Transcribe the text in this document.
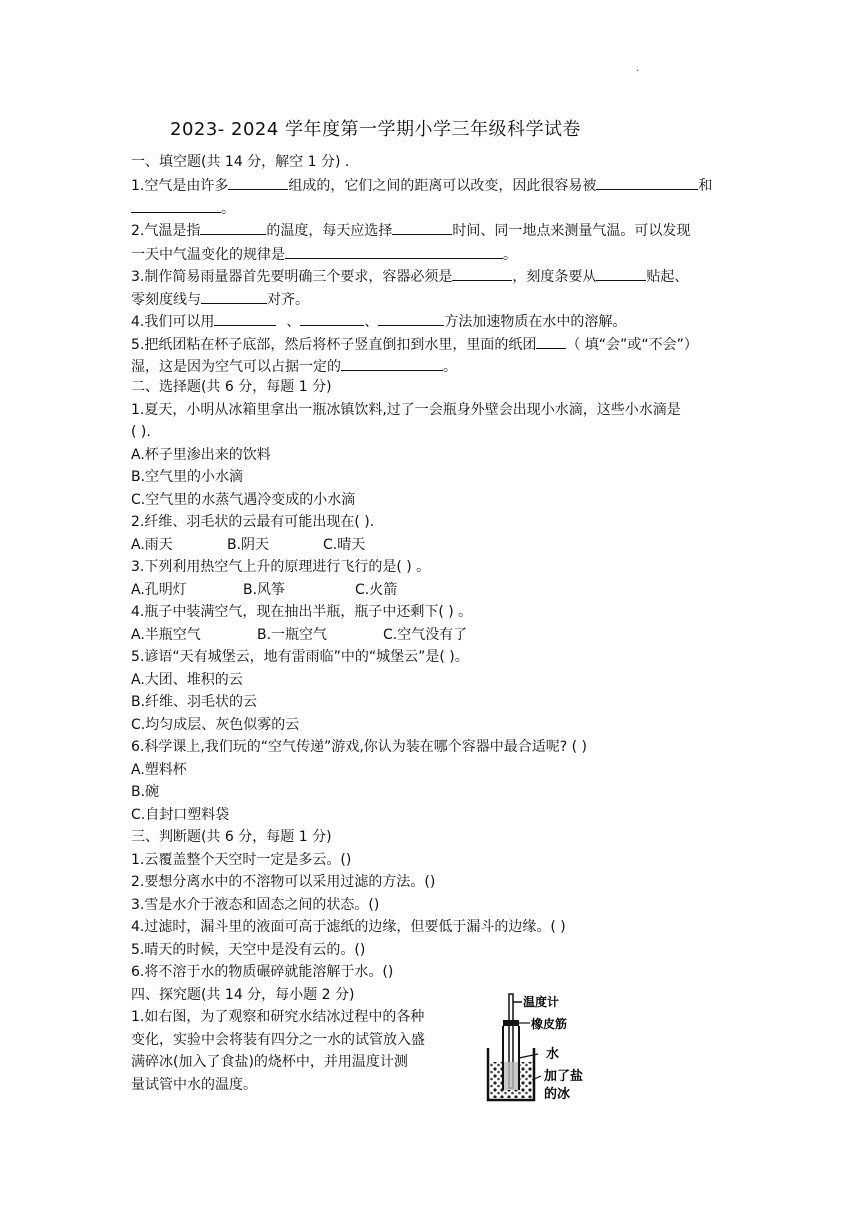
·
2023- 2024 学年度第一学期小学三年级科学试卷
一、填空题(共 14 分，解空 1 分) .
1.空气是由许多	组成的，它们之间的距离可以改变，因此很容易被	和
。
2.气温是指	的温度，每天应选择	时间、同一地点来测量气温。可以发现
一天中气温变化的规律是	。
3.制作简易雨量器首先要明确三个要求，容器必须是	，刻度条要从	贴起、
零刻度线与	对齐。
4.我们可以用	、	、	方法加速物质在水中的溶解。
5.把纸团粘在杯子底部，然后将杯子竖直倒扣到水里，里面的纸团 （ 填“会”或“不会”）
湿，这是因为空气可以占据一定的	。
二、选择题(共 6 分，每题 1 分)
1.夏天，小明从冰箱里拿出一瓶冰镇饮料,过了一会瓶身外壁会出现小水滴，这些小水滴是
( ).
A.杯子里渗出来的饮料
B.空气里的小水滴
C.空气里的水蒸气遇冷变成的小水滴
2.纤维、羽毛状的云最有可能出现在( ).
A.雨天	B.阴天	C.晴天
3.下列利用热空气上升的原理进行飞行的是( ) 。
A.孔明灯	B.风筝	C.火箭
4.瓶子中装满空气，现在抽出半瓶，瓶子中还剩下( ) 。
A.半瓶空气	B.一瓶空气	C.空气没有了
5.谚语“天有城堡云，地有雷雨临”中的“城堡云”是( )。
A.大团、堆积的云
B.纤维、羽毛状的云
C.均匀成层、灰色似雾的云
6.科学课上,我们玩的“空气传递”游戏,你认为装在哪个容器中最合适呢? ( )
A.塑料杯
B.碗
C.自封口塑料袋
三、判断题(共 6 分，每题 1 分)
1.云覆盖整个天空时一定是多云。()
2.要想分离水中的不溶物可以采用过滤的方法。()
3.雪是水介于液态和固态之间的状态。()
4.过滤时，漏斗里的液面可高于滤纸的边缘，但要低于漏斗的边缘。( )
5.晴天的时候，天空中是没有云的。()
6.将不溶于水的物质碾碎就能溶解于水。()
四、探究题(共 14 分，每小题 2 分)
1.如右图，为了观察和研究水结冰过程中的各种
变化，实验中会将装有四分之一水的试管放入盛
满碎冰(加入了食盐)的烧杯中，并用温度计测
量试管中水的温度。
温度计
橡皮筋
水
加了盐
的冰
